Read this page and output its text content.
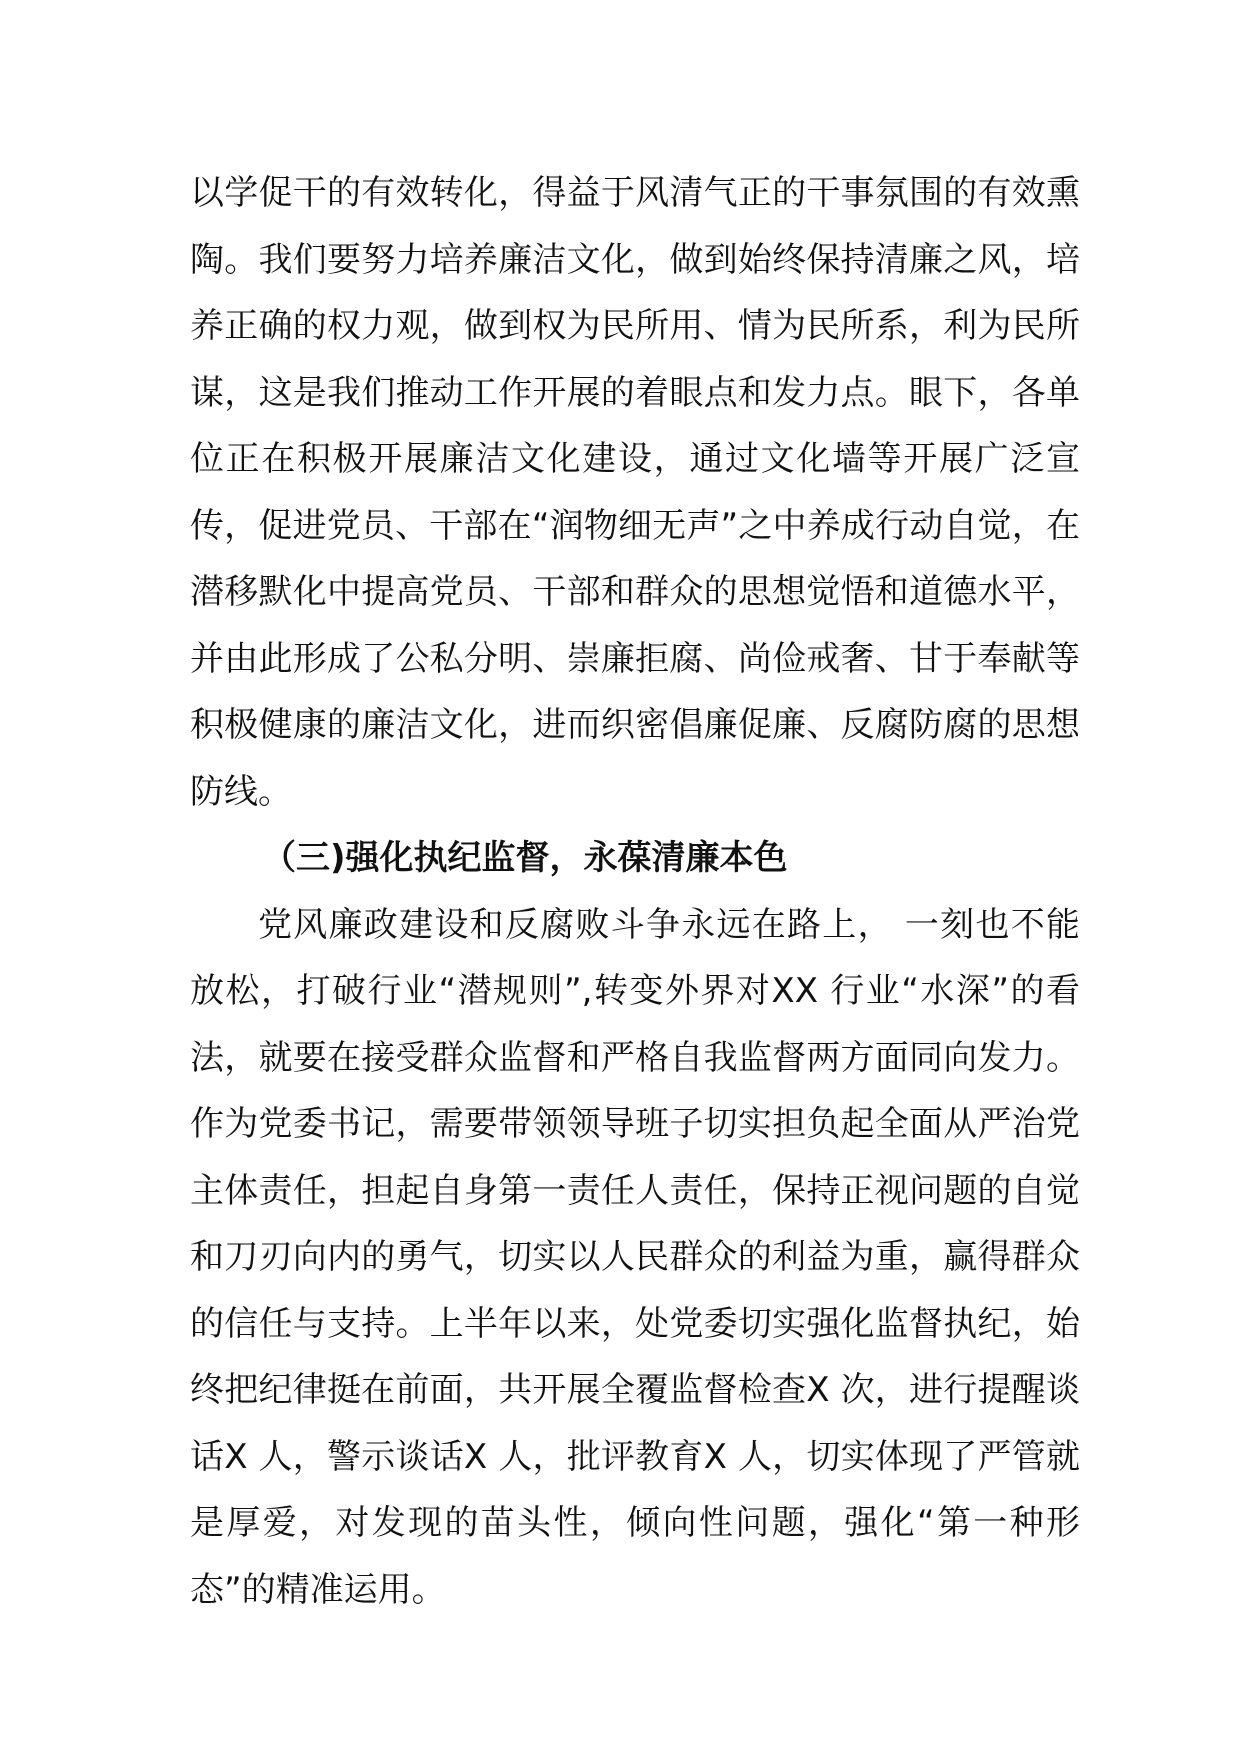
以学促干的有效转化，得益于风清气正的干事氛围的有效熏陶。我们要努力培养廉洁文化，做到始终保持清廉之风，培养正确的权力观，做到权为民所用、情为民所系，利为民所谋，这是我们推动工作开展的着眼点和发力点。眼下，各单位正在积极开展廉洁文化建设，通过文化墙等开展广泛宣传，促进党员、干部在“润物细无声”之中养成行动自觉，在潜移默化中提高党员、干部和群众的思想觉悟和道德水平，并由此形成了公私分明、崇廉拒腐、尚俭戒奢、甘于奉献等积极健康的廉洁文化，进而织密倡廉促廉、反腐防腐的思想防线。

（三)强化执纪监督，永葆清廉本色

党风廉政建设和反腐败斗争永远在路上， 一刻也不能放松，打破行业“潜规则”,转变外界对XX 行业“水深”的看法，就要在接受群众监督和严格自我监督两方面同向发力。作为党委书记，需要带领领导班子切实担负起全面从严治党主体责任，担起自身第一责任人责任，保持正视问题的自觉和刀刃向内的勇气，切实以人民群众的利益为重，赢得群众的信任与支持。上半年以来，处党委切实强化监督执纪，始终把纪律挺在前面，共开展全覆监督检查X 次，进行提醒谈话X 人，警示谈话X 人，批评教育X 人，切实体现了严管就是厚爱，对发现的苗头性，倾向性问题，强化“第一种形态”的精准运用。
